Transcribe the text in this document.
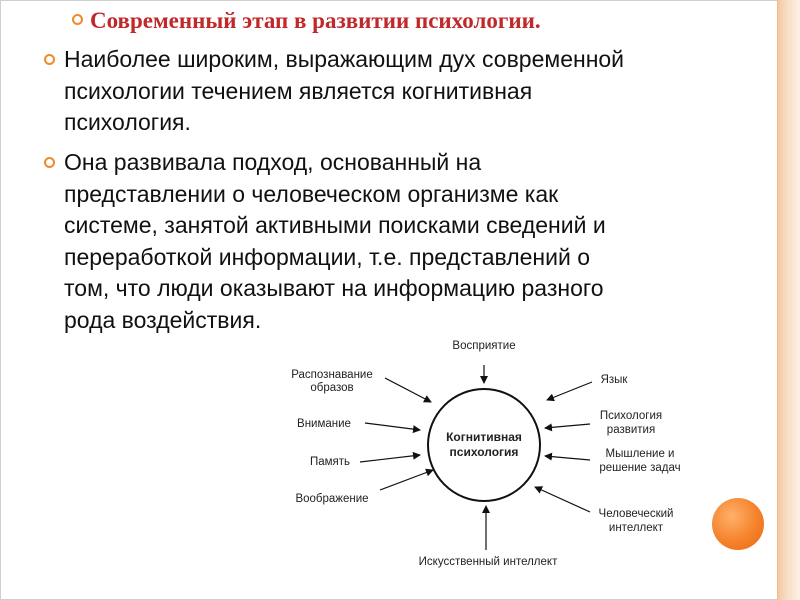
Современный этап в развитии психологии.
Наиболее широким, выражающим дух современной
психологии течением является когнитивная
психология.
Она развивала подход, основанный на
представлении о человеческом организме как
системе, занятой активными поисками сведений и
переработкой информации, т.е. представлений о
том, что люди оказывают на информацию разного
рода воздействия.
Когнитивная
психология
Восприятие
Распознавание
образов
Внимание
Память
Воображение
Язык
Психология
развития
Мышление и
решение задач
Человеческий
интеллект
Искусственный интеллект
